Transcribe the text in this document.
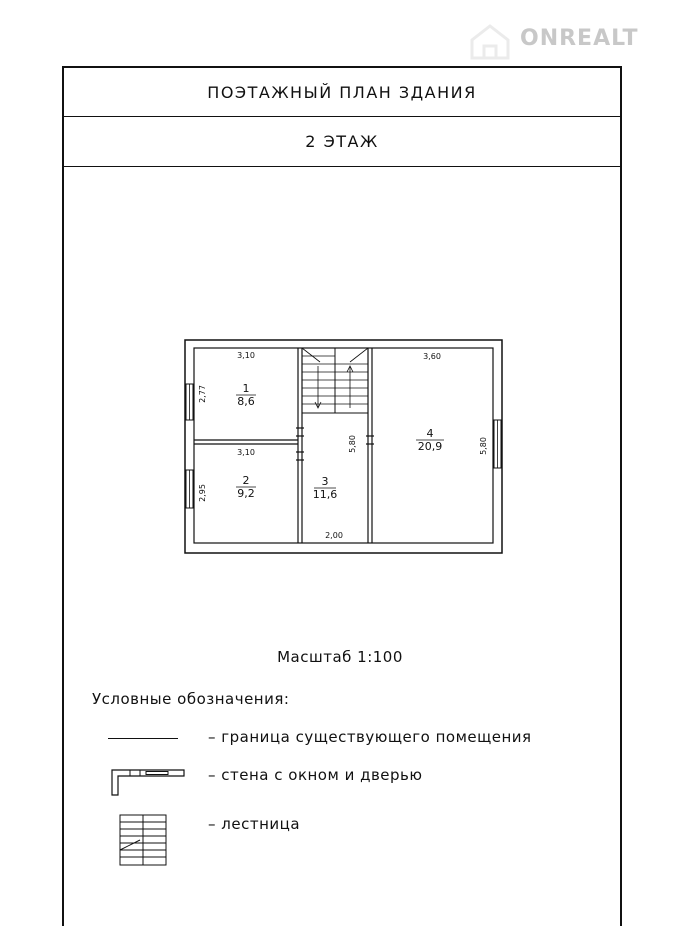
ONREALT
ПОЭТАЖНЫЙ ПЛАН ЗДАНИЯ
2 ЭТАЖ
3,10
2,77	1
8,6
3,10
2,95
2
9,2
5,80
3
11,6
2,00
3,60
4
20,9	5,80
Масштаб 1:100
Условные обозначения:
– граница существующего помещения
– стена с окном и дверью
– лестница
